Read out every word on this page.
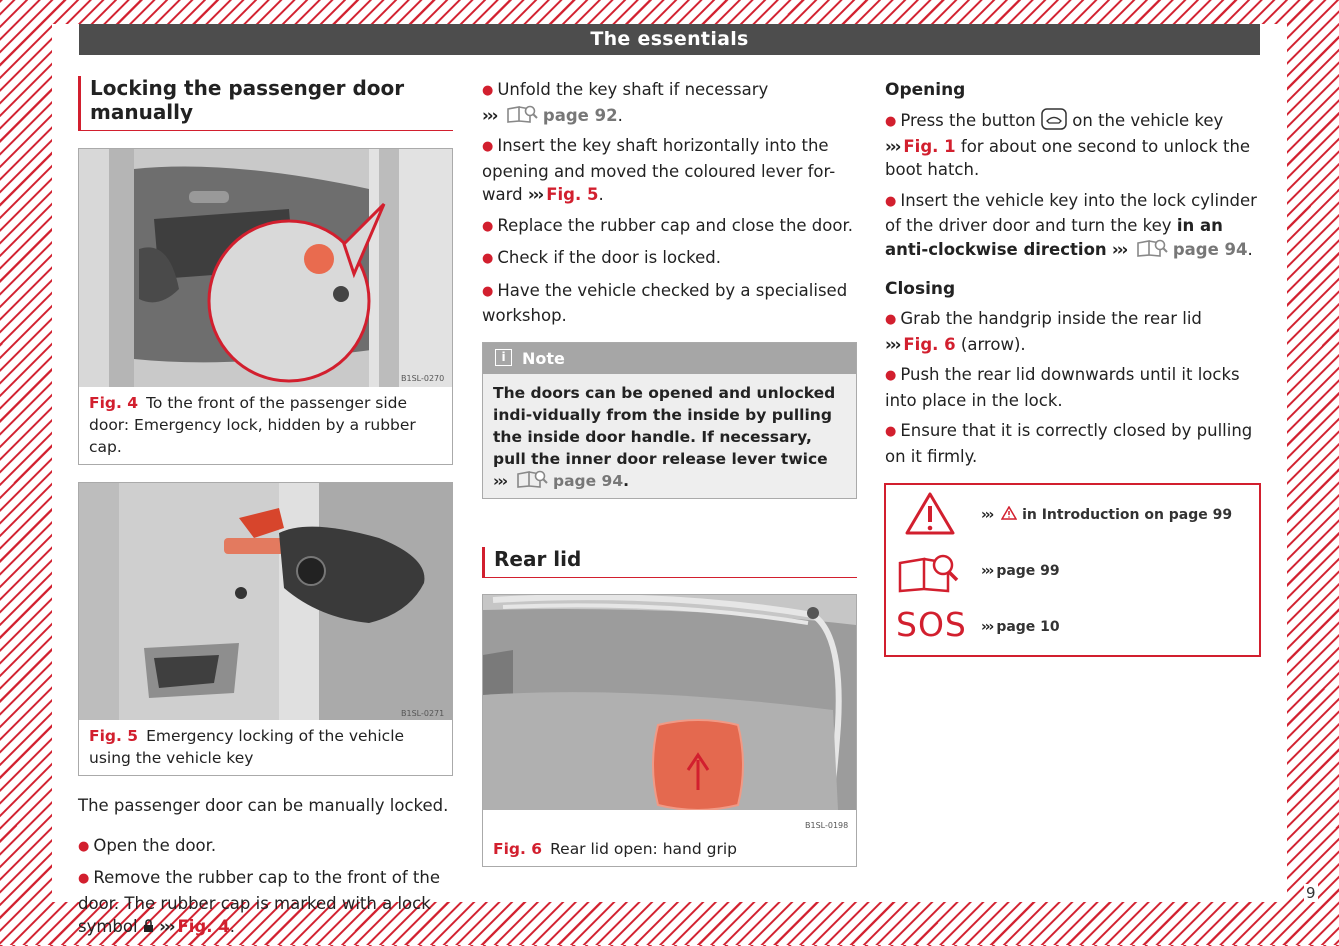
The essentials
Locking the passenger door manually
B1SL-0270
Fig. 4 To the front of the passenger side door: Emergency lock, hidden by a rubber cap.
B1SL-0271
Fig. 5 Emergency locking of the vehicle using the vehicle key

The passenger door can be manually locked.

● Open the door.
● Remove the rubber cap to the front of the door. The rubber cap is marked with a lock symbol ››› Fig. 4.
● Unfold the key shaft if necessary
›››	page 92.
● Insert the key shaft horizontally into the opening and moved the coloured lever for-ward ››› Fig. 5.
● Replace the rubber cap and close the door.
● Check if the door is locked.
● Have the vehicle checked by a specialised workshop.
i Note
The doors can be opened and unlocked indi-vidually from the inside by pulling the inside door handle. If necessary, pull the inner door release lever twice ›››	page 94.
Rear lid
B1SL-0198
Fig. 6 Rear lid open: hand grip
Opening
● Press the button on the vehicle key
››› Fig. 1 for about one second to unlock the boot hatch.
● Insert the vehicle key into the lock cylinder of the driver door and turn the key in an anti-clockwise direction ›››	page 94.
Closing
● Grab the handgrip inside the rear lid
››› Fig. 6 (arrow).
● Push the rear lid downwards until it locks into place in the lock.
● Ensure that it is correctly closed by pulling on it firmly.
››› in Introduction on page 99
››› page 99
SOS ››› page 10
9
